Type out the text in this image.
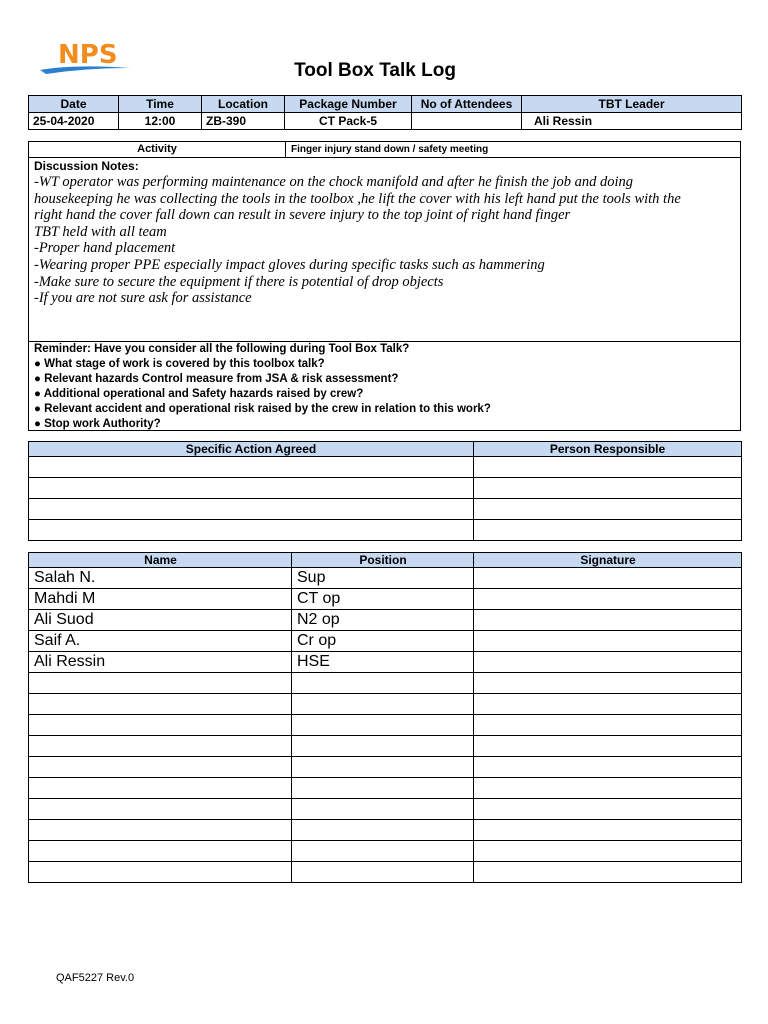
NPS
Tool Box Talk Log
Date	Time	Location	Package Number	No of Attendees	TBT Leader
25-04-2020	12:00	ZB-390	CT Pack-5		Ali Ressin
Activity	Finger injury stand down / safety meeting
Discussion Notes:
-WT operator was performing maintenance on the chock manifold and after he finish the job and doing
housekeeping he was collecting the tools in the toolbox ,he lift the cover with his left hand put the tools with the
right hand the cover fall down can result in severe injury to the top joint of right hand finger
TBT held with all team
-Proper hand placement
-Wearing proper PPE especially impact gloves during specific tasks such as hammering
-Make sure to secure the equipment if there is potential of drop objects
-If you are not sure ask for assistance
Reminder: Have you consider all the following during Tool Box Talk?
● What stage of work is covered by this toolbox talk?
● Relevant hazards Control measure from JSA & risk assessment?
● Additional operational and Safety hazards raised by crew?
● Relevant accident and operational risk raised by the crew in relation to this work?
● Stop work Authority?
Specific Action Agreed	Person Responsible

Name	Position	Signature
Salah N.	Sup	
Mahdi M	CT op	
Ali Suod	N2 op	
Saif A.	Cr op	
Ali Ressin	HSE	

QAF5227 Rev.0
